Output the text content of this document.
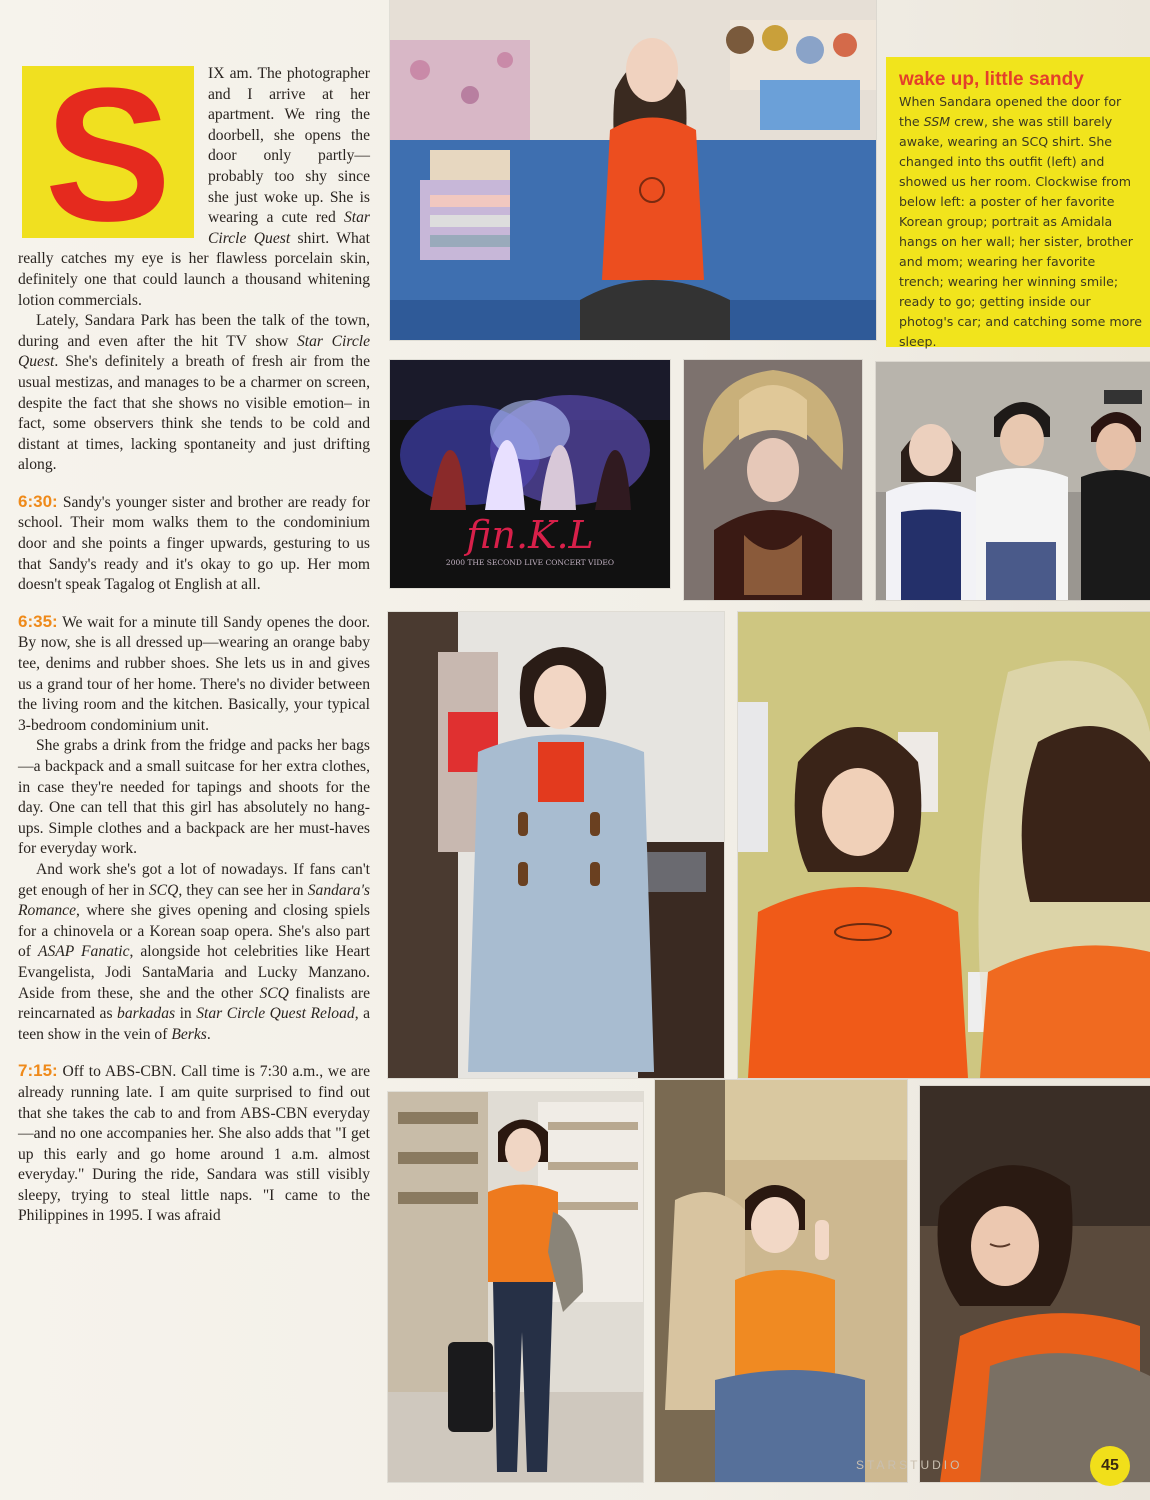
S	IX am. The photographer and I arrive at her apartment. We ring the doorbell, she opens the door only partly—probably too shy since she just woke up. She is wearing a cute red Star Circle Quest shirt. What really catches my eye is her flawless porcelain skin, definitely one that could launch a thousand whitening lotion commercials.

Lately, Sandara Park has been the talk of the town, during and even after the hit TV show Star Circle Quest. She's definitely a breath of fresh air from the usual mestizas, and manages to be a charmer on screen, despite the fact that she shows no visible emotion– in fact, some observers think she tends to be cold and distant at times, lacking spontaneity and just drifting along.

6:30: Sandy's younger sister and brother are ready for school. Their mom walks them to the condominium door and she points a finger upwards, gesturing to us that Sandy's ready and it's okay to go up. Her mom doesn't speak Tagalog ot English at all.

6:35: We wait for a minute till Sandy openes the door. By now, she is all dressed up—wearing an orange baby tee, denims and rubber shoes. She lets us in and gives us a grand tour of her home. There's no divider between the living room and the kitchen. Basically, your typical 3-bedroom condominium unit.

She grabs a drink from the fridge and packs her bags—a backpack and a small suitcase for her extra clothes, in case they're needed for tapings and shoots for the day. One can tell that this girl has absolutely no hang-ups. Simple clothes and a backpack are her must-haves for everyday work.

And work she's got a lot of nowadays. If fans can't get enough of her in SCQ, they can see her in Sandara's Romance, where she gives opening and closing spiels for a chinovela or a Korean soap opera. She's also part of ASAP Fanatic, alongside hot celebrities like Heart Evangelista, Jodi SantaMaria and Lucky Manzano. Aside from these, she and the other SCQ finalists are reincarnated as barkadas in Star Circle Quest Reload, a teen show in the vein of Berks.

7:15: Off to ABS-CBN. Call time is 7:30 a.m., we are already running late. I am quite surprised to find out that she takes the cab to and from ABS-CBN everyday—and no one accompanies her. She also adds that "I get up this early and go home around 1 a.m. almost everyday." During the ride, Sandara was still visibly sleepy, trying to steal little naps. "I came to the Philippines in 1995. I was afraid

wake up, little sandy
When Sandara opened the door for the SSM crew, she was still barely awake, wearing an SCQ shirt. She changed into ths outfit (left) and showed us her room. Clockwise from below left: a poster of her favorite Korean group; portrait as Amidala hangs on her wall; her sister, brother and mom; wearing her favorite trench; wearing her winning smile; ready to go; getting inside our photog's car; and catching some more sleep.
fin.K.L
2000 THE SECOND LIVE CONCERT VIDEO
STARSTUDIO	45
